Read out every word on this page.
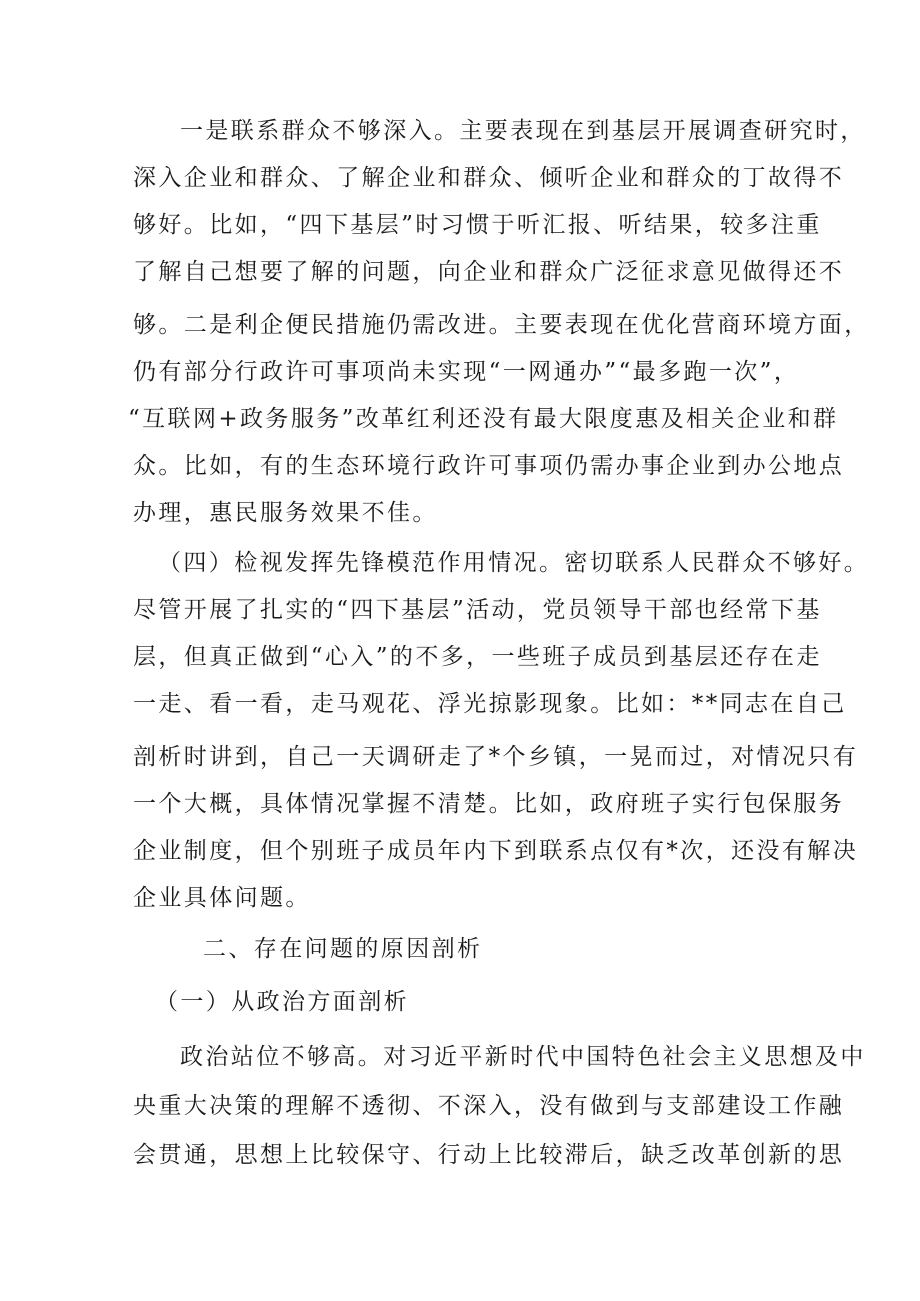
一是联系群众不够深入。主要表现在到基层开展调查研究时，
深入企业和群众、了解企业和群众、倾听企业和群众的丁故得不
够好。比如，“四下基层”时习惯于听汇报、听结果，较多注重
了解自己想要了解的问题，向企业和群众广泛征求意见做得还不
够。二是利企便民措施仍需改进。主要表现在优化营商环境方面，
仍有部分行政许可事项尚未实现“一网通办”“最多跑一次”，
“互联网+政务服务”改革红利还没有最大限度惠及相关企业和群
众。比如，有的生态环境行政许可事项仍需办事企业到办公地点
办理，惠民服务效果不佳。
（四）检视发挥先锋模范作用情况。密切联系人民群众不够好。
尽管开展了扎实的“四下基层”活动，党员领导干部也经常下基
层，但真正做到“心入”的不多，一些班子成员到基层还存在走
一走、看一看，走马观花、浮光掠影现象。比如：**同志在自己
剖析时讲到，自己一天调研走了*个乡镇，一晃而过，对情况只有
一个大概，具体情况掌握不清楚。比如，政府班子实行包保服务
企业制度，但个别班子成员年内下到联系点仅有*次，还没有解决
企业具体问题。
二、存在问题的原因剖析
（一）从政治方面剖析
政治站位不够高。对习近平新时代中国特色社会主义思想及中
央重大决策的理解不透彻、不深入，没有做到与支部建设工作融
会贯通，思想上比较保守、行动上比较滞后，缺乏改革创新的思
